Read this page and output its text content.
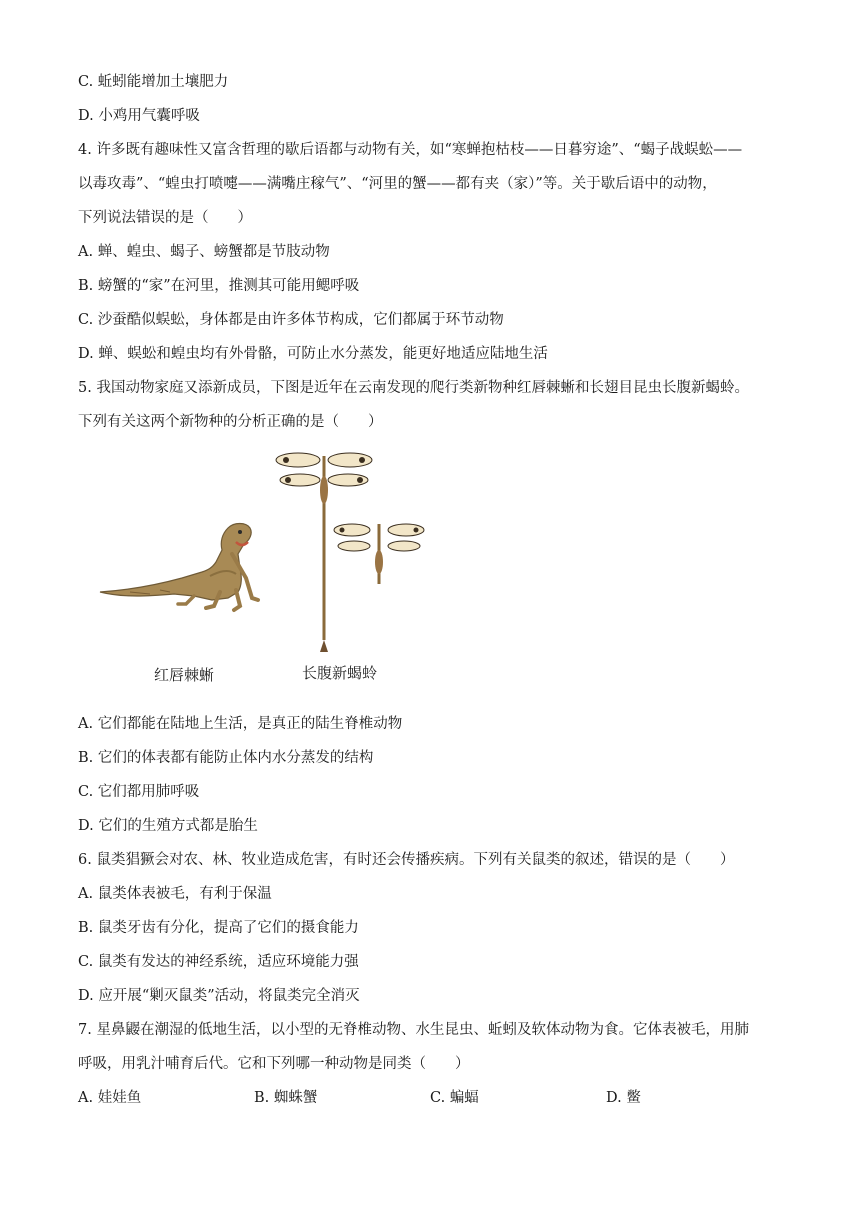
C. 蚯蚓能增加土壤肥力
D. 小鸡用气囊呼吸
4. 许多既有趣味性又富含哲理的歇后语都与动物有关，如“寒蝉抱枯枝——日暮穷途”、“蝎子战蜈蚣——
以毒攻毒”、“蝗虫打喷嚏——满嘴庄稼气”、“河里的蟹——都有夹（家）”等。关于歇后语中的动物，
下列说法错误的是（　　）
A. 蝉、蝗虫、蝎子、螃蟹都是节肢动物
B. 螃蟹的“家”在河里，推测其可能用鳃呼吸
C. 沙蚕酷似蜈蚣，身体都是由许多体节构成，它们都属于环节动物
D. 蝉、蜈蚣和蝗虫均有外骨骼，可防止水分蒸发，能更好地适应陆地生活
5. 我国动物家庭又添新成员，下图是近年在云南发现的爬行类新物种红唇棘蜥和长翅目昆虫长腹新蝎蛉。
下列有关这两个新物种的分析正确的是（　　）
红唇棘蜥	长腹新蝎蛉
A. 它们都能在陆地上生活，是真正的陆生脊椎动物
B. 它们的体表都有能防止体内水分蒸发的结构
C. 它们都用肺呼吸
D. 它们的生殖方式都是胎生
6. 鼠类猖獗会对农、林、牧业造成危害，有时还会传播疾病。下列有关鼠类的叙述，错误的是（　　）
A. 鼠类体表被毛，有利于保温
B. 鼠类牙齿有分化，提高了它们的摄食能力
C. 鼠类有发达的神经系统，适应环境能力强
D. 应开展“剿灭鼠类”活动，将鼠类完全消灭
7. 星鼻鼹在潮湿的低地生活，以小型的无脊椎动物、水生昆虫、蚯蚓及软体动物为食。它体表被毛，用肺
呼吸，用乳汁哺育后代。它和下列哪一种动物是同类（　　）
A. 娃娃鱼	B. 蜘蛛蟹	C. 蝙蝠	D. 鳖
